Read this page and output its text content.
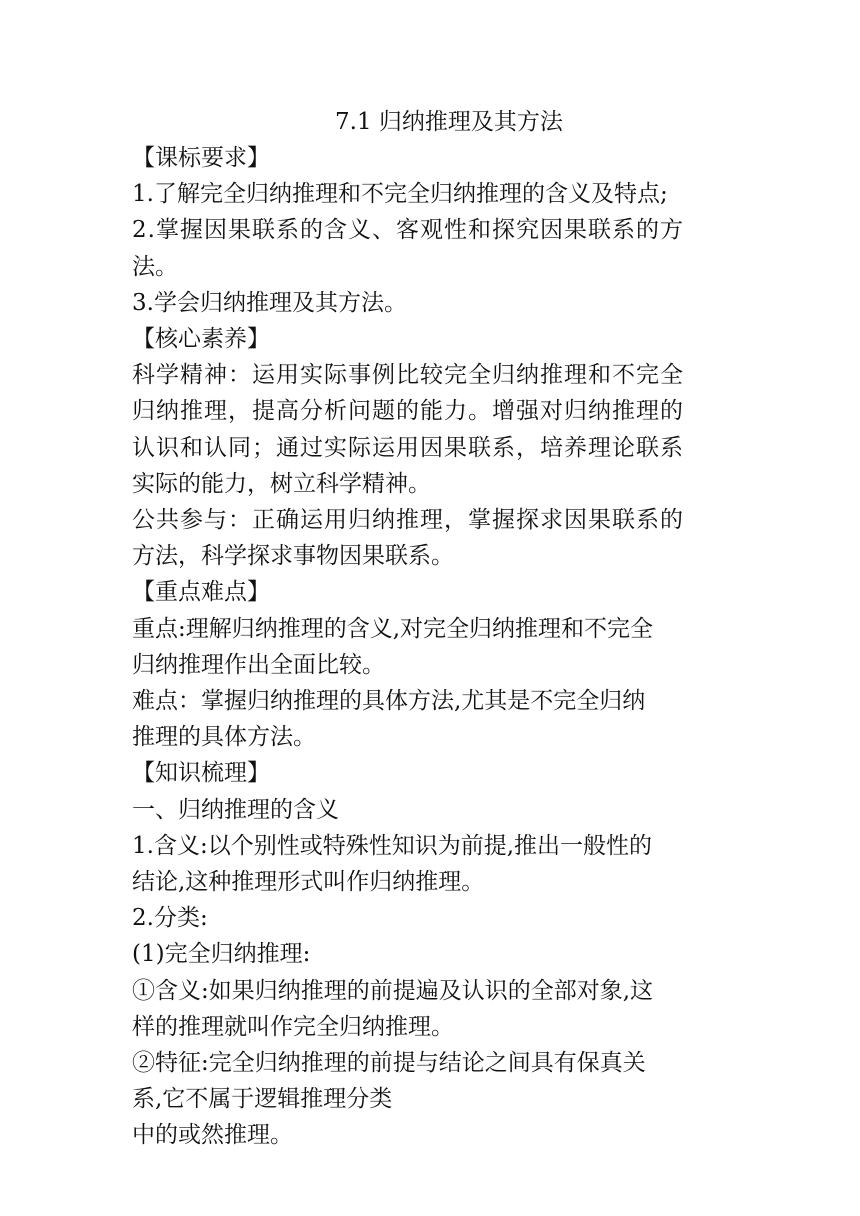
7.1 归纳推理及其方法

【课标要求】

1.了解完全归纳推理和不完全归纳推理的含义及特点;

2.掌握因果联系的含义、客观性和探究因果联系的方

法。

3.学会归纳推理及其方法。

【核心素养】

科学精神：运用实际事例比较完全归纳推理和不完全

归纳推理，提高分析问题的能力。增强对归纳推理的

认识和认同；通过实际运用因果联系，培养理论联系

实际的能力，树立科学精神。

公共参与：正确运用归纳推理，掌握探求因果联系的

方法，科学探求事物因果联系。

【重点难点】

重点:理解归纳推理的含义,对完全归纳推理和不完全

归纳推理作出全面比较。

难点：掌握归纳推理的具体方法,尤其是不完全归纳

推理的具体方法。

【知识梳理】

一、归纳推理的含义

1.含义:以个别性或特殊性知识为前提,推出一般性的

结论,这种推理形式叫作归纳推理。

2.分类:

(1)完全归纳推理:

①含义:如果归纳推理的前提遍及认识的全部对象,这

样的推理就叫作完全归纳推理。

②特征:完全归纳推理的前提与结论之间具有保真关

系,它不属于逻辑推理分类

中的或然推理。
